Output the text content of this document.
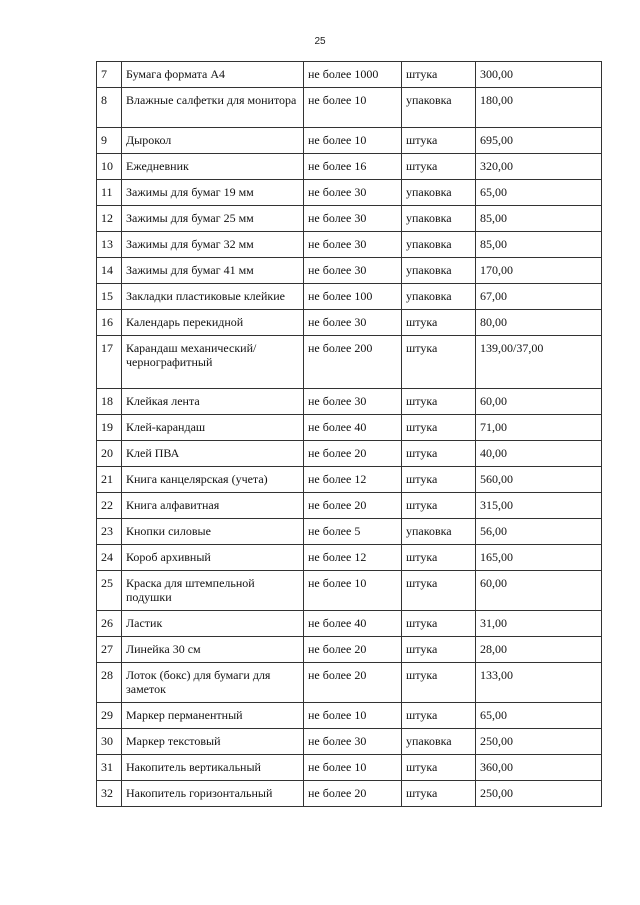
25
7	Бумага формата А4	не более 1000	штука	300,00
8	Влажные салфетки для монитора	не более 10	упаковка	180,00
9	Дырокол	не более 10	штука	695,00
10	Ежедневник	не более 16	штука	320,00
11	Зажимы для бумаг 19 мм	не более 30	упаковка	65,00
12	Зажимы для бумаг 25 мм	не более 30	упаковка	85,00
13	Зажимы для бумаг 32 мм	не более 30	упаковка	85,00
14	Зажимы для бумаг 41 мм	не более 30	упаковка	170,00
15	Закладки пластиковые клейкие	не более 100	упаковка	67,00
16	Календарь перекидной	не более 30	штука	80,00
17	Карандаш механический/чернографитный	не более 200	штука	139,00/37,00
18	Клейкая лента	не более 30	штука	60,00
19	Клей-карандаш	не более 40	штука	71,00
20	Клей ПВА	не более 20	штука	40,00
21	Книга канцелярская (учета)	не более 12	штука	560,00
22	Книга алфавитная	не более 20	штука	315,00
23	Кнопки силовые	не более 5	упаковка	56,00
24	Короб архивный	не более 12	штука	165,00
25	Краска для штемпельной подушки	не более 10	штука	60,00
26	Ластик	не более 40	штука	31,00
27	Линейка 30 см	не более 20	штука	28,00
28	Лоток (бокс) для бумаги для заметок	не более 20	штука	133,00
29	Маркер перманентный	не более 10	штука	65,00
30	Маркер текстовый	не более 30	упаковка	250,00
31	Накопитель вертикальный	не более 10	штука	360,00
32	Накопитель горизонтальный	не более 20	штука	250,00
